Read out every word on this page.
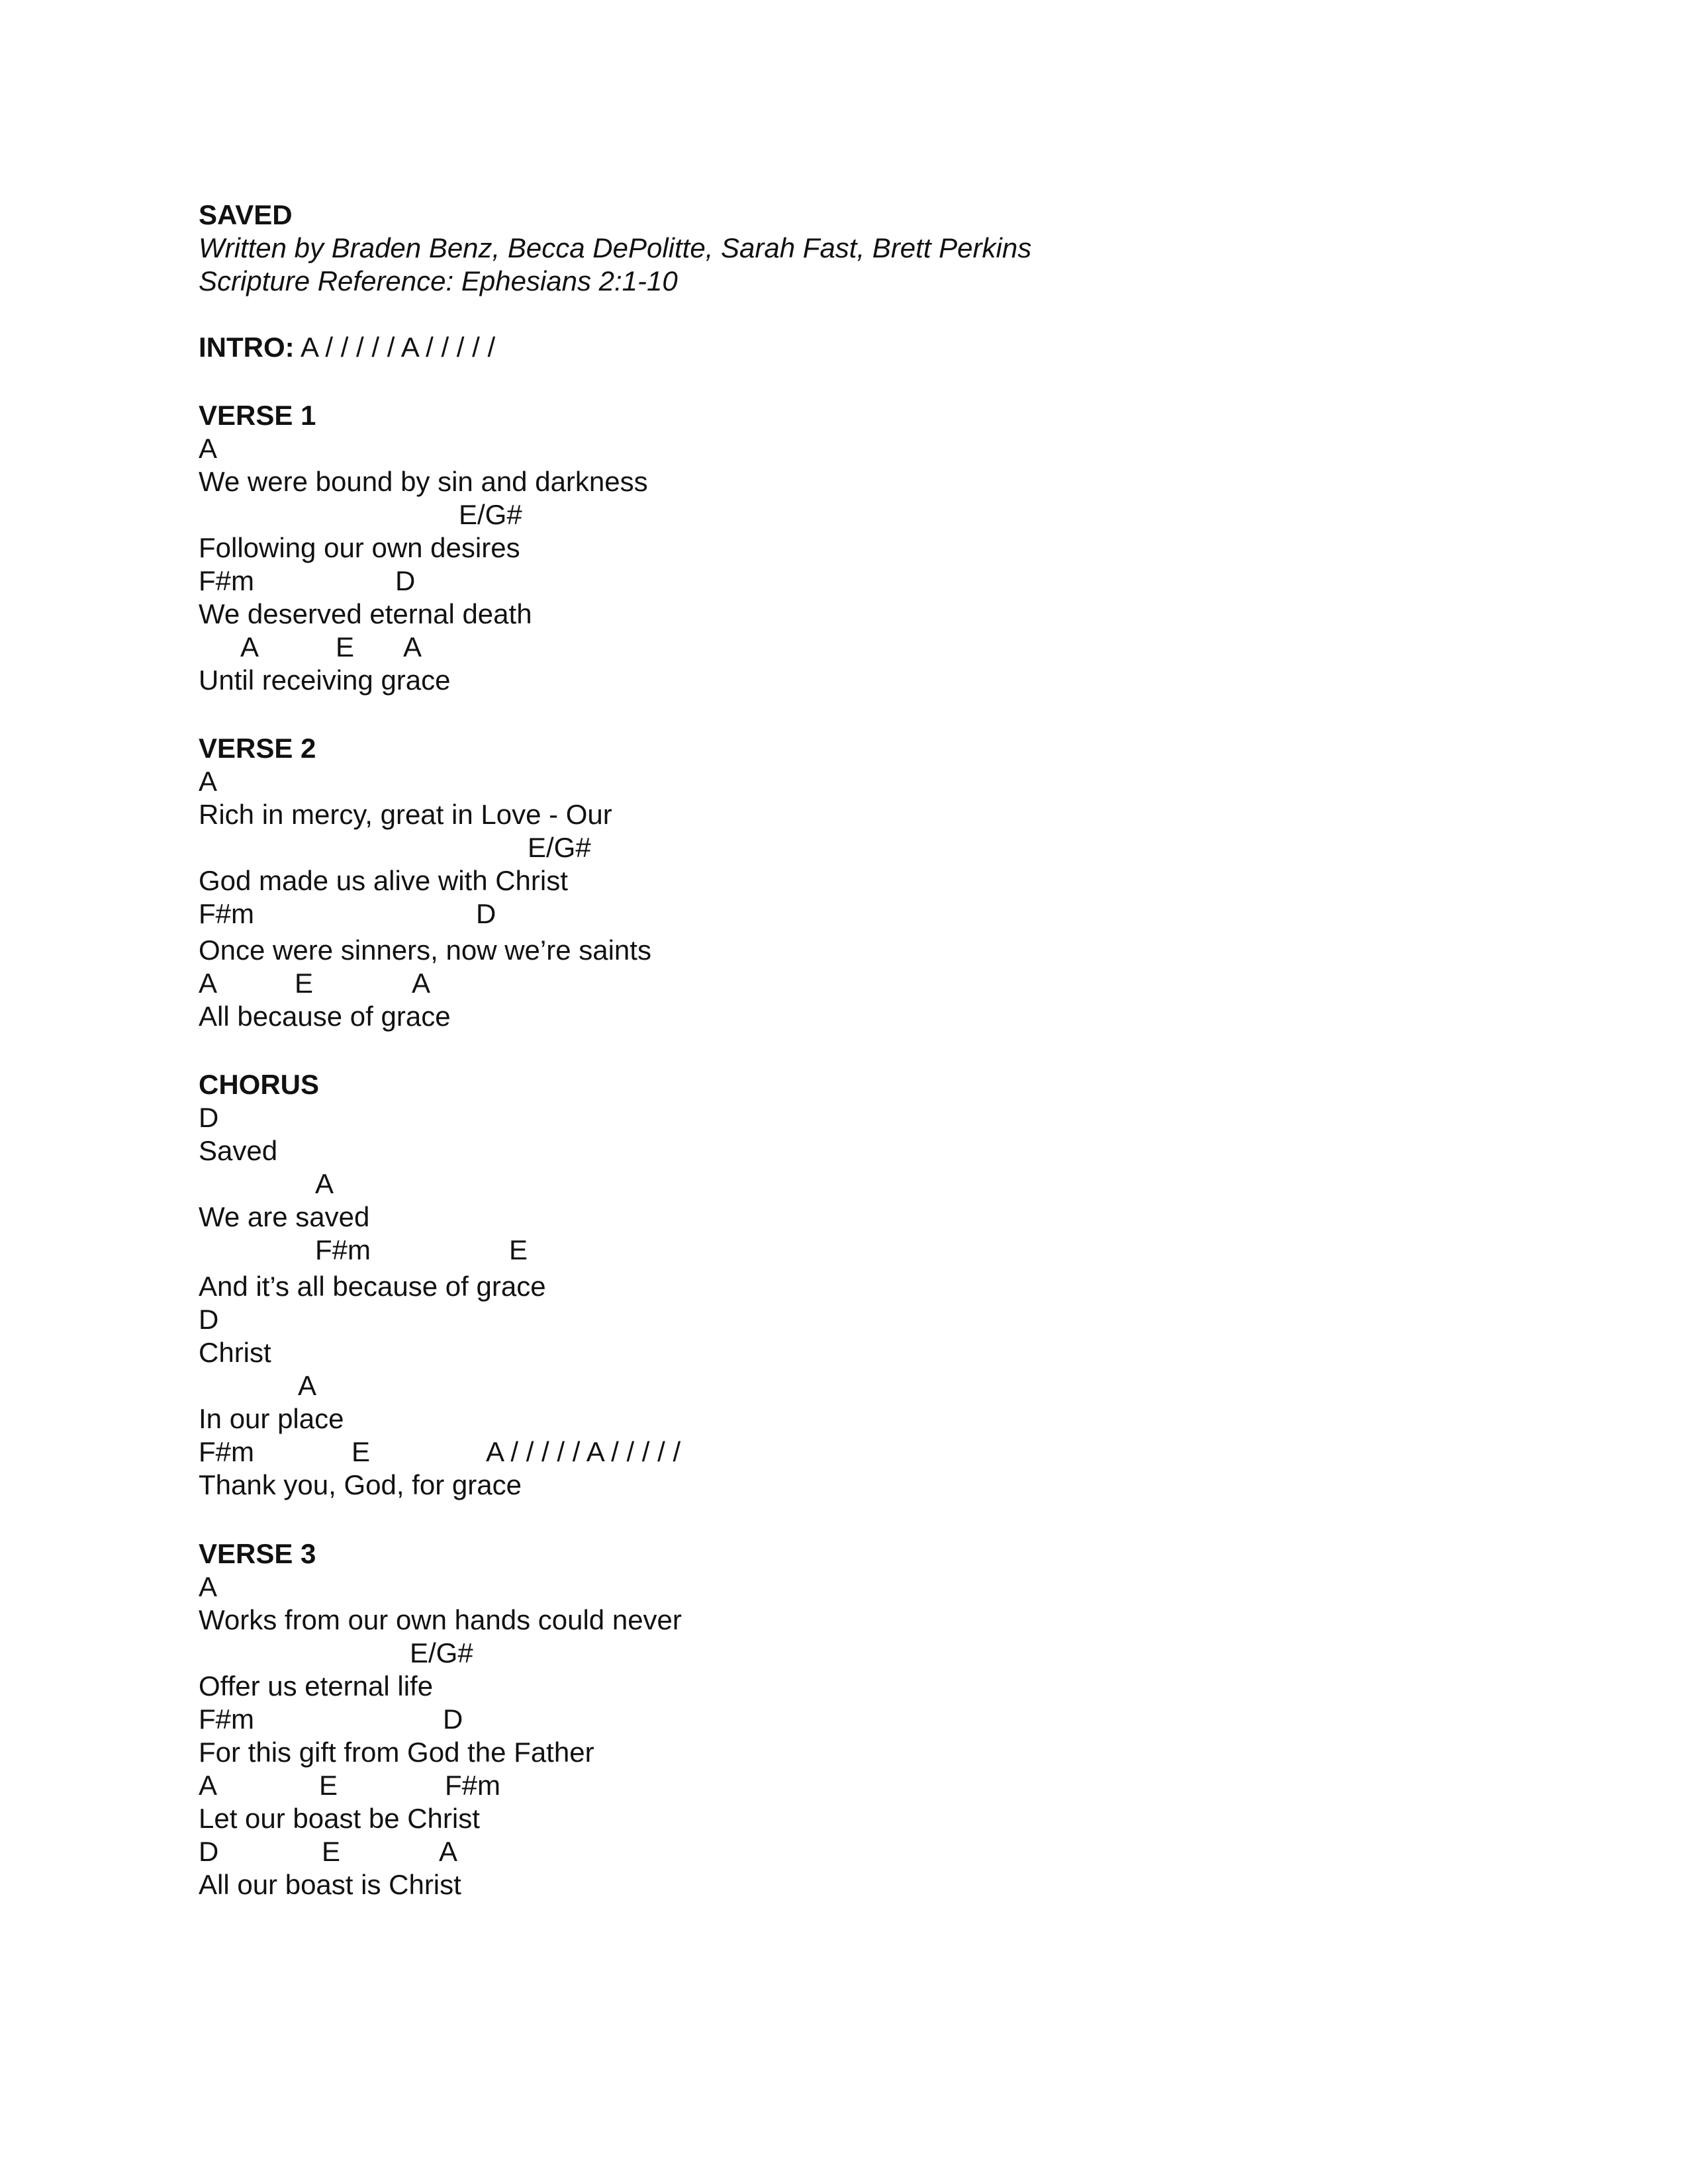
SAVED
Written by Braden Benz, Becca DePolitte, Sarah Fast, Brett Perkins
Scripture Reference: Ephesians 2:1-10
INTRO: A / / / / / A / / / / /
VERSE 1

A

We were bound by sin and darkness

E/G#

Following our own desires

F#m

	D

We deserved eternal death

A

	E

A

Until receiving grace
VERSE 2

A

Rich in mercy, great in Love - Our

E/G#

God made us alive with Christ

F#m

	D

Once were sinners, now we’re saints

A

	E

	A

All because of grace
CHORUS

D

Saved

A

We are saved

F#m

	E

And it’s all because of grace

D

Christ

A

In our place

F#m

	E

	A / / / / / A / / / / /

Thank you, God, for grace
VERSE 3

A

Works from our own hands could never

E/G#

Offer us eternal life

F#m

	D

For this gift from God the Father

A

	E

	F#m

Let our boast be Christ

D

	E

	A

All our boast is Christ
